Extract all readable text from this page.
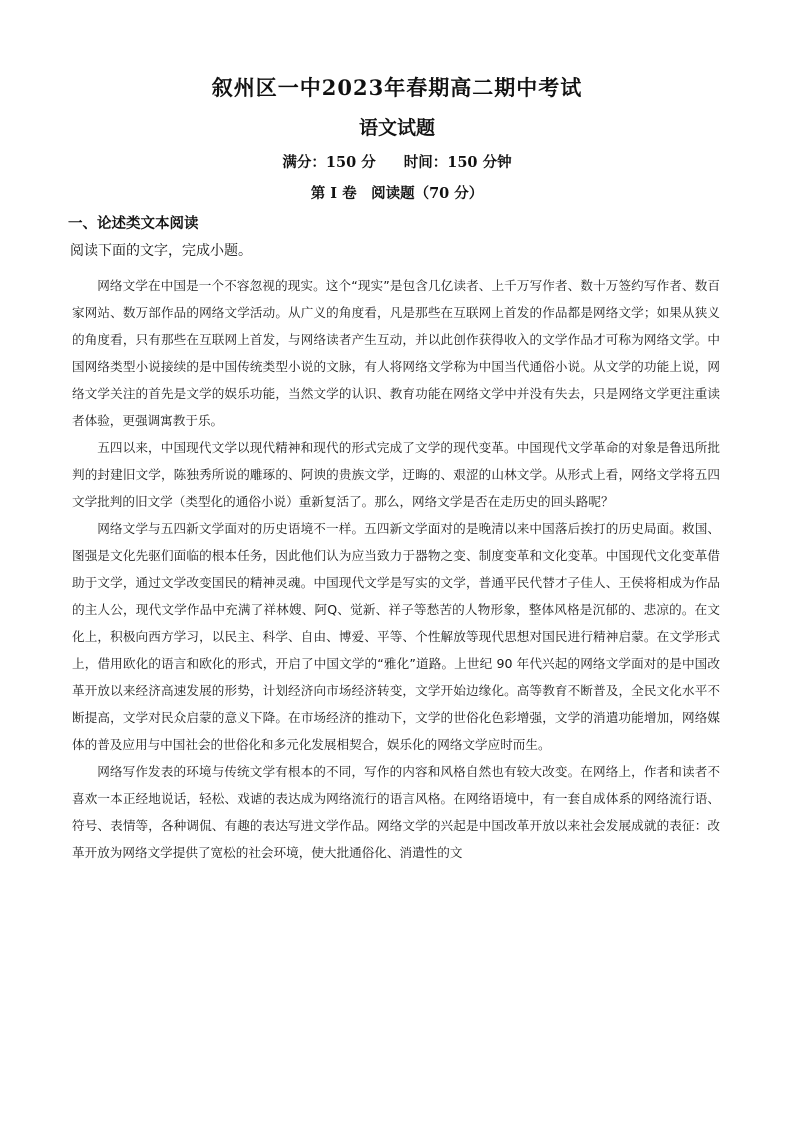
叙州区一中2023年春期高二期中考试
语文试题
满分：150 分 时间：150 分钟
第 I 卷　阅读题（70 分）
一、论述类文本阅读
阅读下面的文字，完成小题。

网络文学在中国是一个不容忽视的现实。这个“现实”是包含几亿读者、上千万写作者、数十万签约写作者、数百家网站、数万部作品的网络文学活动。从广义的角度看，凡是那些在互联网上首发的作品都是网络文学；如果从狭义的角度看，只有那些在互联网上首发，与网络读者产生互动，并以此创作获得收入的文学作品才可称为网络文学。中国网络类型小说接续的是中国传统类型小说的文脉，有人将网络文学称为中国当代通俗小说。从文学的功能上说，网络文学关注的首先是文学的娱乐功能，当然文学的认识、教育功能在网络文学中并没有失去，只是网络文学更注重读者体验，更强调寓教于乐。

五四以来，中国现代文学以现代精神和现代的形式完成了文学的现代变革。中国现代文学革命的对象是鲁迅所批判的封建旧文学，陈独秀所说的雕琢的、阿谀的贵族文学，迂晦的、艰涩的山林文学。从形式上看，网络文学将五四文学批判的旧文学（类型化的通俗小说）重新复活了。那么，网络文学是否在走历史的回头路呢？

网络文学与五四新文学面对的历史语境不一样。五四新文学面对的是晚清以来中国落后挨打的历史局面。救国、图强是文化先驱们面临的根本任务，因此他们认为应当致力于器物之变、制度变革和文化变革。中国现代文化变革借助于文学，通过文学改变国民的精神灵魂。中国现代文学是写实的文学，普通平民代替才子佳人、王侯将相成为作品的主人公，现代文学作品中充满了祥林嫂、阿Q、觉新、祥子等愁苦的人物形象，整体风格是沉郁的、悲凉的。在文化上，积极向西方学习，以民主、科学、自由、博爱、平等、个性解放等现代思想对国民进行精神启蒙。在文学形式上，借用欧化的语言和欧化的形式，开启了中国文学的“雅化”道路。上世纪 90 年代兴起的网络文学面对的是中国改革开放以来经济高速发展的形势，计划经济向市场经济转变，文学开始边缘化。高等教育不断普及，全民文化水平不断提高，文学对民众启蒙的意义下降。在市场经济的推动下，文学的世俗化色彩增强，文学的消遣功能增加，网络媒体的普及应用与中国社会的世俗化和多元化发展相契合，娱乐化的网络文学应时而生。

网络写作发表的环境与传统文学有根本的不同，写作的内容和风格自然也有较大改变。在网络上，作者和读者不喜欢一本正经地说话，轻松、戏谑的表达成为网络流行的语言风格。在网络语境中，有一套自成体系的网络流行语、符号、表情等，各种调侃、有趣的表达写进文学作品。网络文学的兴起是中国改革开放以来社会发展成就的表征：改革开放为网络文学提供了宽松的社会环境，使大批通俗化、消遣性的文
